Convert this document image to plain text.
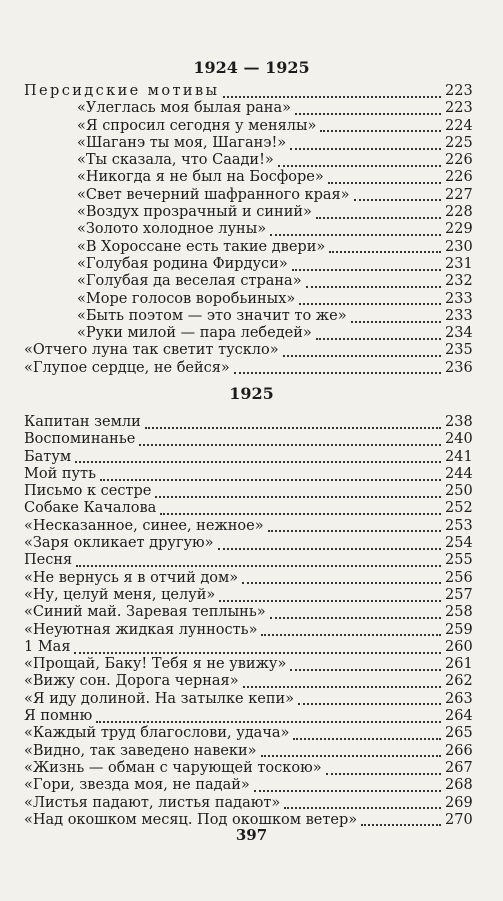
1924 — 1925
Персидские мотивы	223
«Улеглась моя былая рана»	223
«Я спросил сегодня у менялы»	224
«Шаганэ ты моя, Шаганэ!»	225
«Ты сказала, что Саади!»	226
«Никогда я не был на Босфоре»	226
«Свет вечерний шафранного края»	227
«Воздух прозрачный и синий»	228
«Золото холодное луны»	229
«В Хороссане есть такие двери»	230
«Голубая родина Фирдуси»	231
«Голубая да веселая страна»	232
«Море голосов воробьиных»	233
«Быть поэтом — это значит то же»	233
«Руки милой — пара лебедей»	234
«Отчего луна так светит тускло»	235
«Глупое сердце, не бейся»	236
1925
Капитан земли	238
Воспоминанье	240
Батум	241
Мой путь	244
Письмо к сестре	250
Собаке Качалова	252
«Несказанное, синее, нежное»	253
«Заря окликает другую»	254
Песня	255
«Не вернусь я в отчий дом»	256
«Ну, целуй меня, целуй»	257
«Синий май. Заревая теплынь»	258
«Неуютная жидкая лунность»	259
1 Мая	260
«Прощай, Баку! Тебя я не увижу»	261
«Вижу сон. Дорога черная»	262
«Я иду долиной. На затылке кепи»	263
Я помню	264
«Каждый труд благослови, удача»	265
«Видно, так заведено навеки»	266
«Жизнь — обман с чарующей тоскою»	267
«Гори, звезда моя, не падай»	268
«Листья падают, листья падают»	269
«Над окошком месяц. Под окошком ветер»	270
397
